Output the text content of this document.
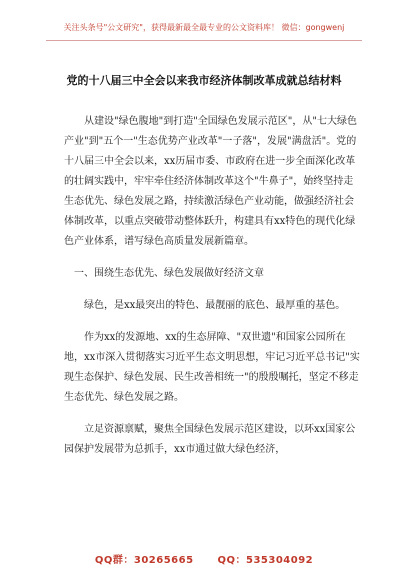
关注头条号"公文研究"，获得最新最全最专业的公文资料库！ 微信：gongwenj
党的十八届三中全会以来我市经济体制改革成就总结材料

从建设"绿色腹地"到打造"全国绿色发展示范区"，从"七大绿色产业"到"五个一"生态优势产业改革"一子落"，发展"满盘活"。党的十八届三中全会以来，xx历届市委、市政府在进一步全面深化改革的壮阔实践中，牢牢牵住经济体制改革这个"牛鼻子"，始终坚持走生态优先、绿色发展之路，持续激活绿色产业动能，做强经济社会体制改革，以重点突破带动整体跃升，构建具有xx特色的现代化绿色产业体系，谱写绿色高质量发展新篇章。

一、围绕生态优先、绿色发展做好经济文章

绿色，是xx最突出的特色、最靓丽的底色、最厚重的基色。

作为xx的发源地、xx的生态屏障、"双世遗"和国家公园所在地，xx市深入贯彻落实习近平生态文明思想，牢记习近平总书记"实现生态保护、绿色发展、民生改善相统一"的殷殷嘱托，坚定不移走生态优先、绿色发展之路。

立足资源禀赋，聚焦全国绿色发展示范区建设，以环xx国家公园保护发展带为总抓手，xx市通过做大绿色经济，

QQ群：30265665 QQ：535304092
